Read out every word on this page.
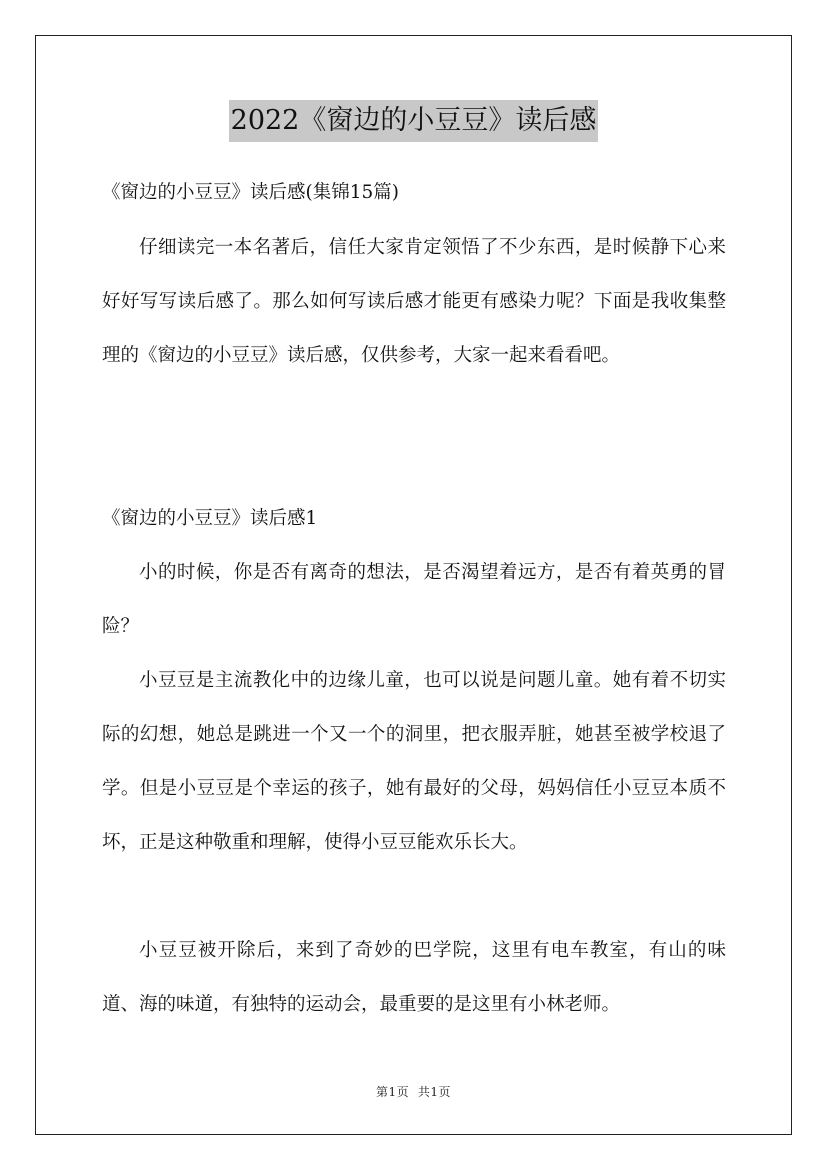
2022《窗边的小豆豆》读后感

《窗边的小豆豆》读后感(集锦15篇)

仔细读完一本名著后，信任大家肯定领悟了不少东西，是时候静下心来好好写写读后感了。那么如何写读后感才能更有感染力呢？下面是我收集整理的《窗边的小豆豆》读后感，仅供参考，大家一起来看看吧。

《窗边的小豆豆》读后感1

小的时候，你是否有离奇的想法，是否渴望着远方，是否有着英勇的冒险？

小豆豆是主流教化中的边缘儿童，也可以说是问题儿童。她有着不切实际的幻想，她总是跳进一个又一个的洞里，把衣服弄脏，她甚至被学校退了学。但是小豆豆是个幸运的孩子，她有最好的父母，妈妈信任小豆豆本质不坏，正是这种敬重和理解，使得小豆豆能欢乐长大。

小豆豆被开除后，来到了奇妙的巴学院，这里有电车教室，有山的味道、海的味道，有独特的运动会，最重要的是这里有小林老师。

第1页 共1页
